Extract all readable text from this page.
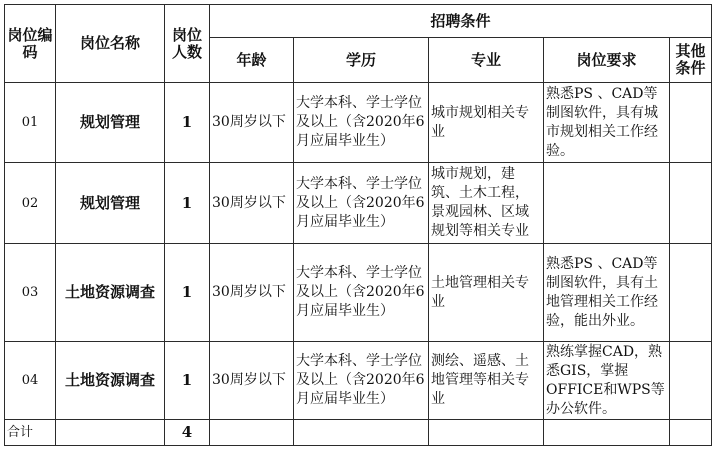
岗位编码	岗位名称	岗位人数	招聘条件				
			年龄	学历	专业	岗位要求	其他条件
01	规划管理	1	30周岁以下	大学本科、学士学位及以上（含2020年6月应届毕业生）	城市规划相关专业	熟悉PS 、CAD等制图软件，具有城市规划相关工作经验。	
02	规划管理	1	30周岁以下	大学本科、学士学位及以上（含2020年6月应届毕业生）	城市规划，建筑、土木工程，景观园林、区域规划等相关专业		
03	土地资源调查	1	30周岁以下	大学本科、学士学位及以上（含2020年6月应届毕业生）	土地管理相关专业	熟悉PS 、CAD等制图软件，具有土地管理相关工作经验，能出外业。	
04	土地资源调查	1	30周岁以下	大学本科、学士学位及以上（含2020年6月应届毕业生）	测绘、遥感、土地管理等相关专业	熟练掌握CAD，熟悉GIS，掌握OFFICE和WPS等办公软件。	
合计		4					
